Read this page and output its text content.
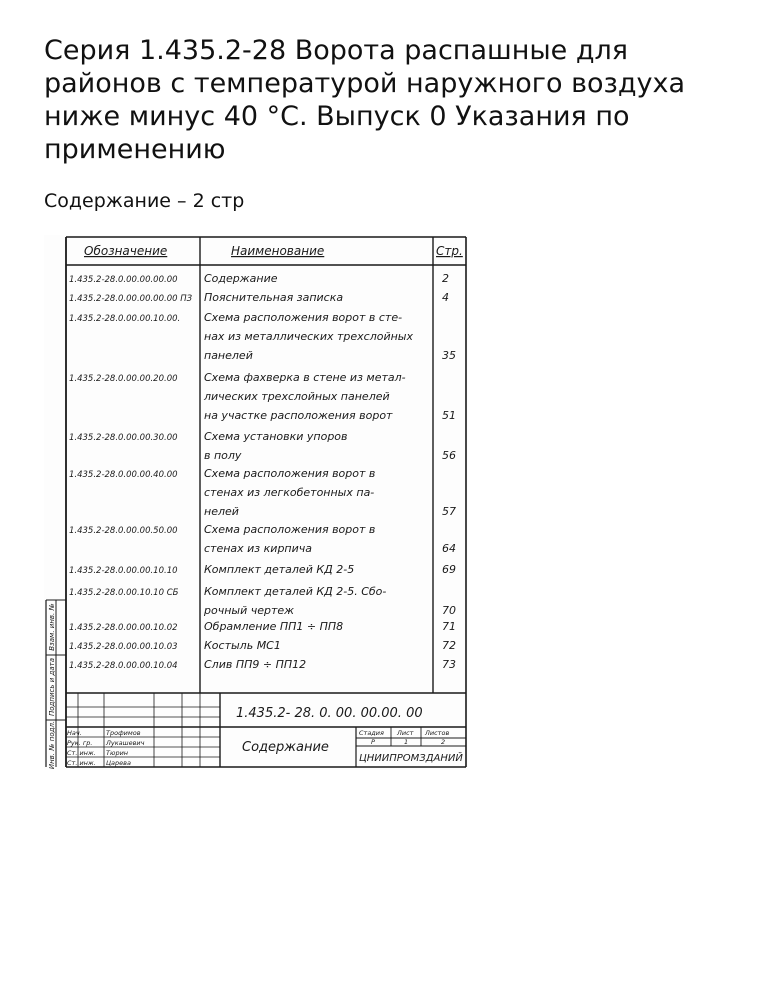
Серия 1.435.2-28 Ворота распашные для районов с температурой наружного воздуха ниже минус 40 °С. Выпуск 0 Указания по применению

Содержание – 2 стр

Обозначение	Наименование	Стр.
1.435.2-28.0.00.00.00.00 Содержание	2
1.435.2-28.0.00.00.00.00 ПЗ Пояснительная записка	4
1.435.2-28.0.00.00.10.00. Схема расположения ворот в сте-
нах из металлических трехслойных
панелей	35
1.435.2-28.0.00.00.20.00 Схема фахверка в стене из метал-
лических трехслойных панелей
на участке расположения ворот	51
1.435.2-28.0.00.00.30.00 Схема установки упоров
в полу	56
1.435.2-28.0.00.00.40.00 Схема расположения ворот в
стенах из легкобетонных па-
нелей	57
1.435.2-28.0.00.00.50.00 Схема расположения ворот в
стенах из кирпича	64
1.435.2-28.0.00.00.10.10 Комплект деталей КД 2-5	69
1.435.2-28.0.00.10.10 СБ Комплект деталей КД 2-5. Сбо-
рочный чертеж	70
1.435.2-28.0.00.00.10.02 Обрамление ПП1 ÷ ПП8	71
1.435.2-28.0.00.00.10.03 Костыль МС1	72
1.435.2-28.0.00.00.10.04 Слив ПП9 ÷ ПП12	73
1.435.2- 28. 0. 00. 00.00. 00
Содержание
Стадия Лист Листов
Р	1	2
ЦНИИПРОМЗДАНИЙ
Нач.	Трофимов
Рук. гр. Лукашевич
Ст. инж. Тюрин
Ст. инж. Царева
Взам. инв. №
Подпись и дата
Инв. № подл.
